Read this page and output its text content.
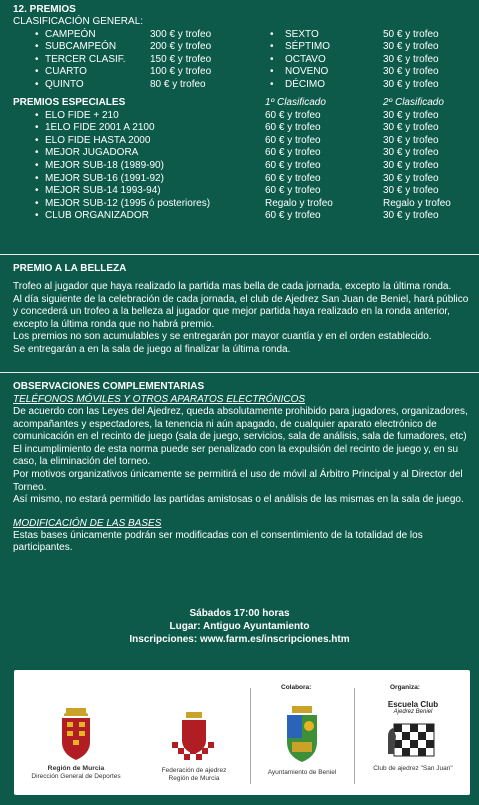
12. PREMIOS
CLASIFICACIÓN GENERAL:
• CAMPEÓN	300 € y trofeo	• SEXTO	50 € y trofeo
• SUBCAMPEÓN	200 € y trofeo	• SÉPTIMO	30 € y trofeo
• TERCER CLASIF. 150 € y trofeo	• OCTAVO	30 € y trofeo
• CUARTO	100 € y trofeo	• NOVENO	30 € y trofeo
• QUINTO	80 € y trofeo	• DÉCIMO	30 € y trofeo
PREMIOS ESPECIALES	1º Clasificado	2º Clasificado
• ELO FIDE + 210	60 € y trofeo	30 € y trofeo
• 1ELO FIDE 2001 A 2100	60 € y trofeo	30 € y trofeo
• ELO FIDE HASTA 2000	60 € y trofeo	30 € y trofeo
• MEJOR JUGADORA	60 € y trofeo	30 € y trofeo
• MEJOR SUB-18 (1989-90)	60 € y trofeo	30 € y trofeo
• MEJOR SUB-16 (1991-92)	60 € y trofeo	30 € y trofeo
• MEJOR SUB-14 1993-94)	60 € y trofeo	30 € y trofeo
• MEJOR SUB-12 (1995 ó posteriores)	Regalo y trofeo	Regalo y trofeo
• CLUB ORGANIZADOR	60 € y trofeo	30 € y trofeo
PREMIO A LA BELLEZA

Trofeo al jugador que haya realizado la partida mas bella de cada jornada, excepto la última ronda.

Al día siguiente de la celebración de cada jornada, el club de Ajedrez San Juan de Beniel, hará público y concederá un trofeo a la belleza al jugador que mejor partida haya realizado en la ronda anterior, excepto la última ronda que no habrá premio.

Los premios no son acumulables y se entregarán por mayor cuantía y en el orden establecido.

Se entregarán a en la sala de juego al finalizar la última ronda.

OBSERVACIONES COMPLEMENTARIAS
TELÉFONOS MÓVILES Y OTROS APARATOS ELECTRÓNICOS

De acuerdo con las Leyes del Ajedrez, queda absolutamente prohibido para jugadores, organizadores, acompañantes y espectadores, la tenencia ni aún apagado, de cualquier aparato electrónico de comunicación en el recinto de juego (sala de juego, servicios, sala de análisis, sala de fumadores, etc)

El incumplimiento de esta norma puede ser penalizado con la expulsión del recinto de juego y, en su caso, la eliminación del torneo.

Por motivos organizativos únicamente se permitirá el uso de móvil al Árbitro Principal y al Director del Torneo.

Así mismo, no estará permitido las partidas amistosas o el análisis de las mismas en la sala de juego.

MODIFICACIÓN DE LAS BASES

Estas bases únicamente podrán ser modificadas con el consentimiento de la totalidad de los participantes.

Sábados 17:00 horas
Lugar: Antiguo Ayuntamiento
Inscripciones: www.farm.es/inscripciones.htm
Colabora:	Organiza:
Región de Murcia
Dirección General de Deportes
Federación de ajedrez
Región de Murcia
Ayuntamiento de Beniel
Escuela Club
Ajedrez Beniel
Club de ajedrez "San Juan"
